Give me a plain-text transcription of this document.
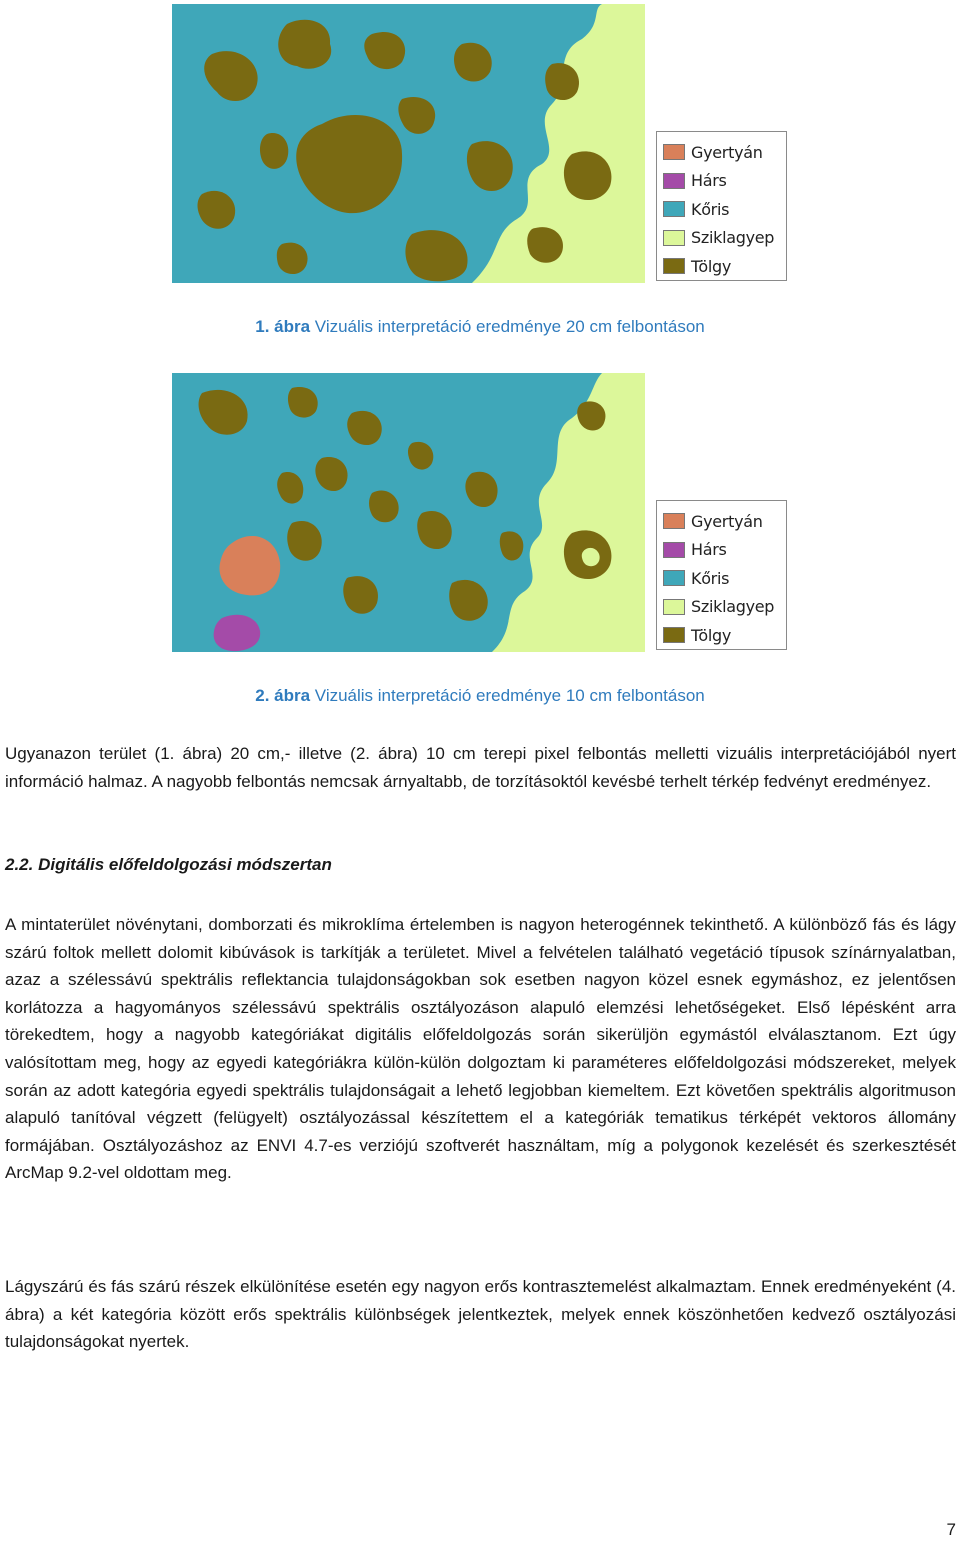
Gyertyán
Hárs
Kőris
Sziklagyep
Tölgy
1. ábra Vizuális interpretáció eredménye 20 cm felbontáson
Gyertyán
Hárs
Kőris
Sziklagyep
Tölgy
2. ábra Vizuális interpretáció eredménye 10 cm felbontáson

Ugyanazon terület (1. ábra) 20 cm,- illetve (2. ábra) 10 cm terepi pixel felbontás melletti vizuális interpretációjából nyert információ halmaz. A nagyobb felbontás nemcsak árnyaltabb, de torzításoktól kevésbé terhelt térkép fedvényt eredményez.

2.2. Digitális előfeldolgozási módszertan

A mintaterület növénytani, domborzati és mikroklíma értelemben is nagyon heterogénnek tekinthető. A különböző fás és lágy szárú foltok mellett dolomit kibúvások is tarkítják a területet. Mivel a felvételen található vegetáció típusok színárnyalatban, azaz a szélessávú spektrális reflektancia tulajdonságokban sok esetben nagyon közel esnek egymáshoz, ez jelentősen korlátozza a hagyományos szélessávú spektrális osztályozáson alapuló elemzési lehetőségeket. Első lépésként arra törekedtem, hogy a nagyobb kategóriákat digitális előfeldolgozás során sikerüljön egymástól elválasztanom. Ezt úgy valósítottam meg, hogy az egyedi kategóriákra külön-külön dolgoztam ki paraméteres előfeldolgozási módszereket, melyek során az adott kategória egyedi spektrális tulajdonságait a lehető legjobban kiemeltem. Ezt követően spektrális algoritmuson alapuló tanítóval végzett (felügyelt) osztályozással készítettem el a kategóriák tematikus térképét vektoros állomány formájában. Osztályozáshoz az ENVI 4.7-es verziójú szoftverét használtam, míg a polygonok kezelését és szerkesztését ArcMap 9.2-vel oldottam meg.

Lágyszárú és fás szárú részek elkülönítése esetén egy nagyon erős kontrasztemelést alkalmaztam. Ennek eredményeként (4. ábra) a két kategória között erős spektrális különbségek jelentkeztek, melyek ennek köszönhetően kedvező osztályozási tulajdonságokat nyertek.

7
